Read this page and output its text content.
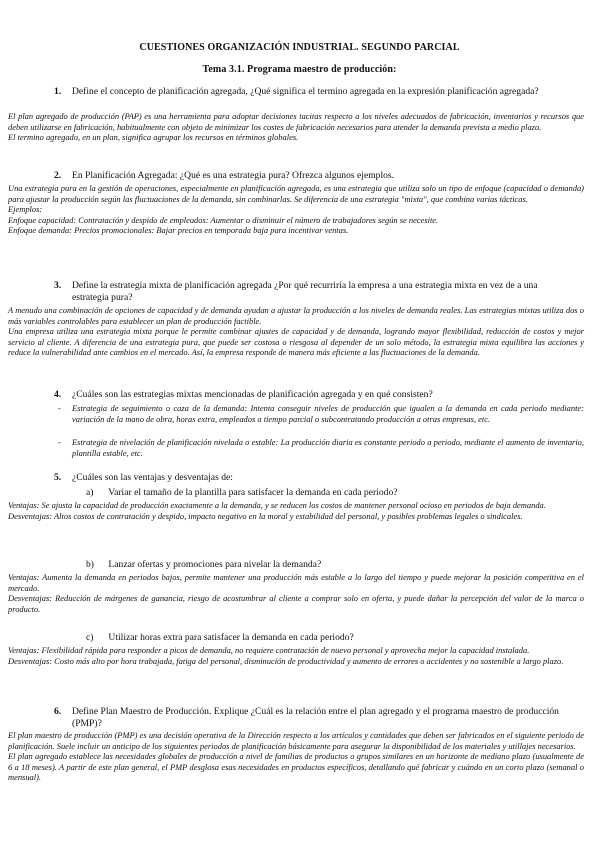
CUESTIONES ORGANIZACIÓN INDUSTRIAL. SEGUNDO PARCIAL
Tema 3.1. Programa maestro de producción:
1.	Define el concepto de planificación agregada, ¿Qué significa el termino agregada en la expresión planificación agregada?

El plan agregado de producción (PAP) es una herramienta para adoptar decisiones tacitas respecto a los niveles adecuados de fabricación, inventarios y recursos que deben utilizarse en fabricación, habitualmente con objeto de minimizar los costes de fabricación necesarios para atender la demanda prevista a medio plazo.

El termino agregado, en un plan, significa agrupar los recursos en términos globales.

2.	En Planificación Agregada: ¿Qué es una estrategia pura? Ofrezca algunos ejemplos.

Una estrategia pura en la gestión de operaciones, especialmente en planificación agregada, es una estrategia que utiliza solo un tipo de enfoque (capacidad o demanda) para ajustar la producción según las fluctuaciones de la demanda, sin combinarlas. Se diferencia de una estrategia "mixta", que combina varias tácticas.

Ejemplos:

Enfoque capacidad: Contratación y despido de empleados: Aumentar o disminuir el número de trabajadores según se necesite.

Enfoque demanda: Precios promocionales: Bajar precios en temporada baja para incentivar ventas.

3.	Define la estrategia mixta de planificación agregada ¿Por qué recurriría la empresa a una estrategia mixta en vez de a una estrategia pura?

A menudo una combinación de opciones de capacidad y de demanda ayudan a ajustar la producción a los niveles de demanda reales. Las estrategias mixtas utiliza dos o más variables controlables para establecer un plan de producción factible.

Una empresa utiliza una estrategia mixta porque le permite combinar ajustes de capacidad y de demanda, logrando mayor flexibilidad, reducción de costos y mejor servicio al cliente. A diferencia de una estrategia pura, que puede ser costosa o riesgosa al depender de un solo método, la estrategia mixta equilibra las acciones y reduce la vulnerabilidad ante cambios en el mercado. Así, la empresa responde de manera más eficiente a las fluctuaciones de la demanda.

4.	¿Cuáles son las estrategias mixtas mencionadas de planificación agregada y en qué consisten?
-	Estrategia de seguimiento o caza de la demanda: Intenta conseguir niveles de producción que igualen a la demanda en cada periodo mediante: variación de la mano de obra, horas extra, empleados a tiempo parcial o subcontratando producción a otras empresas, etc.
-	Estrategia de nivelación de planificación nivelada o estable: La producción diaria es constante periodo a periodo, mediante el aumento de inventario, plantilla estable, etc.
5.	¿Cuáles son las ventajas y desventajas de:
a) Variar el tamaño de la plantilla para satisfacer la demanda en cada periodo?

Ventajas: Se ajusta la capacidad de producción exactamente a la demanda, y se reducen los costos de mantener personal ocioso en periodos de baja demanda.

Desventajas: Altos costos de contratación y despido, impacto negativo en la moral y estabilidad del personal, y posibles problemas legales o sindicales.

b) Lanzar ofertas y promociones para nivelar la demanda?

Ventajas: Aumenta la demanda en periodos bajos, permite mantener una producción más estable a lo largo del tiempo y puede mejorar la posición competitiva en el mercado.

Desventajas: Reducción de márgenes de ganancia, riesgo de acostumbrar al cliente a comprar solo en oferta, y puede dañar la percepción del valor de la marca o producto.

c) Utilizar horas extra para satisfacer la demanda en cada periodo?

Ventajas: Flexibilidad rápida para responder a picos de demanda, no requiere contratación de nuevo personal y aprovecha mejor la capacidad instalada.

Desventajas: Costo más alto por hora trabajada, fatiga del personal, disminución de productividad y aumento de errores o accidentes y no sostenible a largo plazo.

6.	Define Plan Maestro de Producción. Explique ¿Cuál es la relación entre el plan agregado y el programa maestro de producción (PMP)?

El plan maestro de producción (PMP) es una decisión operativa de la Dirección respecto a los artículos y cantidades que deben ser fabricados en el siguiente periodo de planificación. Suele incluir un anticipo de los siguientes periodos de planificación básicamente para asegurar la disponibilidad de los materiales y utillajes necesarios.

El plan agregado establece las necesidades globales de producción a nivel de familias de productos o grupos similares en un horizonte de mediano plazo (usualmente de 6 a 18 meses). A partir de este plan general, el PMP desglosa esas necesidades en productos específicos, detallando qué fabricar y cuándo en un corto plazo (semanal o mensual).
